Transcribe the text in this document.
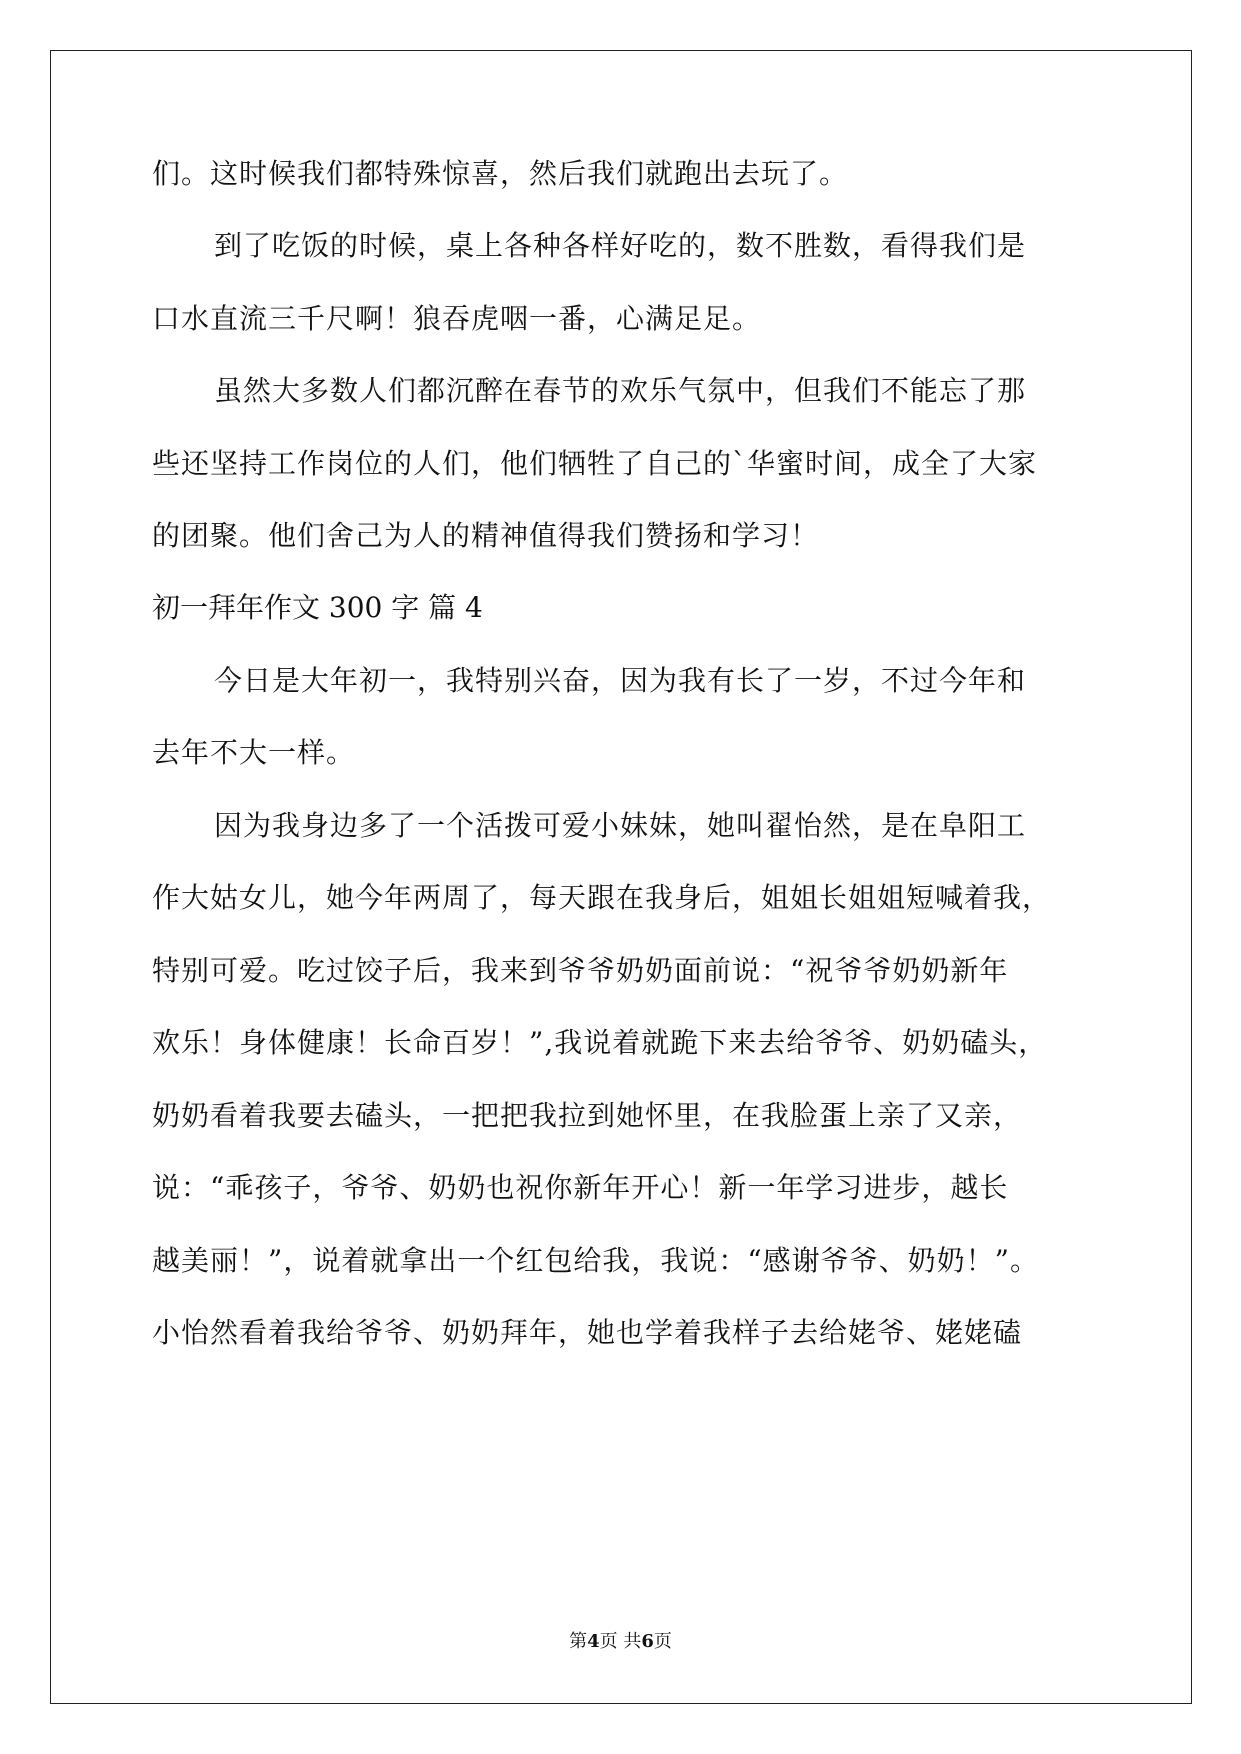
们。这时候我们都特殊惊喜，然后我们就跑出去玩了。
到了吃饭的时候，桌上各种各样好吃的，数不胜数，看得我们是
口水直流三千尺啊！狼吞虎咽一番，心满足足。
虽然大多数人们都沉醉在春节的欢乐气氛中，但我们不能忘了那
些还坚持工作岗位的人们，他们牺牲了自己的`华蜜时间，成全了大家
的团聚。他们舍己为人的精神值得我们赞扬和学习！
初一拜年作文 300 字 篇 4
今日是大年初一，我特别兴奋，因为我有长了一岁，不过今年和
去年不大一样。
因为我身边多了一个活拨可爱小妹妹，她叫翟怡然，是在阜阳工
作大姑女儿，她今年两周了，每天跟在我身后，姐姐长姐姐短喊着我，
特别可爱。吃过饺子后，我来到爷爷奶奶面前说：“祝爷爷奶奶新年
欢乐！身体健康！长命百岁！”,我说着就跪下来去给爷爷、奶奶磕头，
奶奶看着我要去磕头，一把把我拉到她怀里，在我脸蛋上亲了又亲，
说：“乖孩子，爷爷、奶奶也祝你新年开心！新一年学习进步，越长
越美丽！”，说着就拿出一个红包给我，我说：“感谢爷爷、奶奶！”。
小怡然看着我给爷爷、奶奶拜年，她也学着我样子去给姥爷、姥姥磕
第4页 共6页
